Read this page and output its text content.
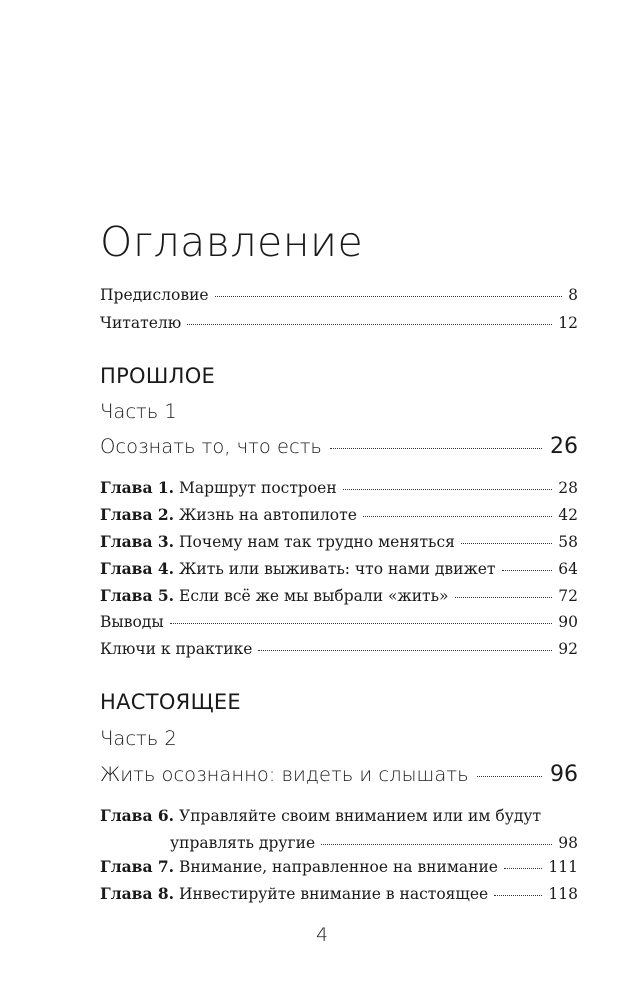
Оглавление
Предисловие	8
Читателю	12
ПРОШЛОЕ
Часть 1
Осознать то, что есть	26
Глава 1. Маршрут построен	28
Глава 2. Жизнь на автопилоте	42
Глава 3. Почему нам так трудно меняться	58
Глава 4. Жить или выживать: что нами движет	64
Глава 5. Если всё же мы выбрали «жить»	72
Выводы	90
Ключи к практике	92
НАСТОЯЩЕЕ
Часть 2
Жить осознанно: видеть и слышать	96
Глава 6. Управляйте своим вниманием или им будут
управлять другие	98
Глава 7. Внимание, направленное на внимание	111
Глава 8. Инвестируйте внимание в настоящее	118
4
